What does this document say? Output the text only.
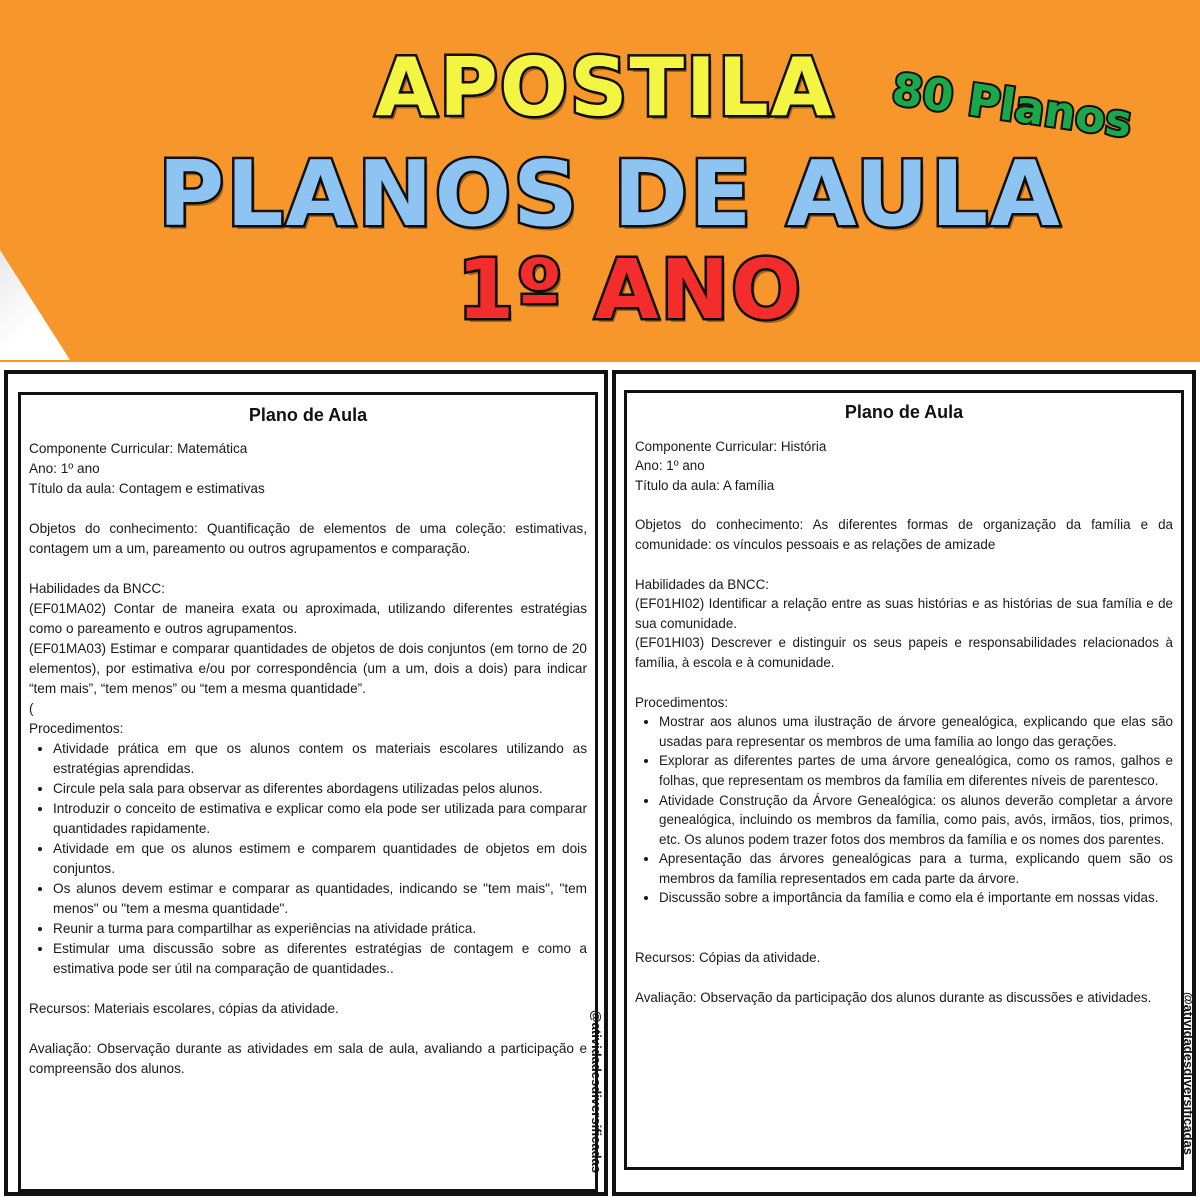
APOSTILA
PLANOS DE AULA
1º ANO
80 Planos
Plano de Aula

Componente Curricular: Matemática

Ano: 1º ano

Título da aula: Contagem e estimativas

Objetos do conhecimento: Quantificação de elementos de uma coleção: estimativas, contagem um a um, pareamento ou outros agrupamentos e comparação.

Habilidades da BNCC:

(EF01MA02) Contar de maneira exata ou aproximada, utilizando diferentes estratégias como o pareamento e outros agrupamentos.

(EF01MA03) Estimar e comparar quantidades de objetos de dois conjuntos (em torno de 20 elementos), por estimativa e/ou por correspondência (um a um, dois a dois) para indicar “tem mais”, “tem menos” ou “tem a mesma quantidade”.

(

Procedimentos:

• Atividade prática em que os alunos contem os materiais escolares utilizando as estratégias aprendidas.
• Circule pela sala para observar as diferentes abordagens utilizadas pelos alunos.
• Introduzir o conceito de estimativa e explicar como ela pode ser utilizada para comparar quantidades rapidamente.
• Atividade em que os alunos estimem e comparem quantidades de objetos em dois conjuntos.
• Os alunos devem estimar e comparar as quantidades, indicando se "tem mais", "tem menos" ou "tem a mesma quantidade".
• Reunir a turma para compartilhar as experiências na atividade prática.
• Estimular uma discussão sobre as diferentes estratégias de contagem e como a estimativa pode ser útil na comparação de quantidades..

Recursos: Materiais escolares, cópias da atividade.

Avaliação: Observação durante as atividades em sala de aula, avaliando a participação e compreensão dos alunos.	@atividadesdiversificadas
Plano de Aula

Componente Curricular: História

Ano: 1º ano

Título da aula: A família

Objetos do conhecimento: As diferentes formas de organização da família e da comunidade: os vínculos pessoais e as relações de amizade

Habilidades da BNCC:

(EF01HI02) Identificar a relação entre as suas histórias e as histórias de sua família e de sua comunidade.

(EF01HI03) Descrever e distinguir os seus papeis e responsabilidades relacionados à família, à escola e à comunidade.

Procedimentos:

• Mostrar aos alunos uma ilustração de árvore genealógica, explicando que elas são usadas para representar os membros de uma família ao longo das gerações.
• Explorar as diferentes partes de uma árvore genealógica, como os ramos, galhos e folhas, que representam os membros da família em diferentes níveis de parentesco.
• Atividade Construção da Árvore Genealógica: os alunos deverão completar a árvore genealógica, incluindo os membros da família, como pais, avós, irmãos, tios, primos, etc. Os alunos podem trazer fotos dos membros da família e os nomes dos parentes.
• Apresentação das árvores genealógicas para a turma, explicando quem são os membros da família representados em cada parte da árvore.
• Discussão sobre a importância da família e como ela é importante em nossas vidas.

Recursos: Cópias da atividade.

Avaliação: Observação da participação dos alunos durante as discussões e atividades.	@atividadesdiversificadas
